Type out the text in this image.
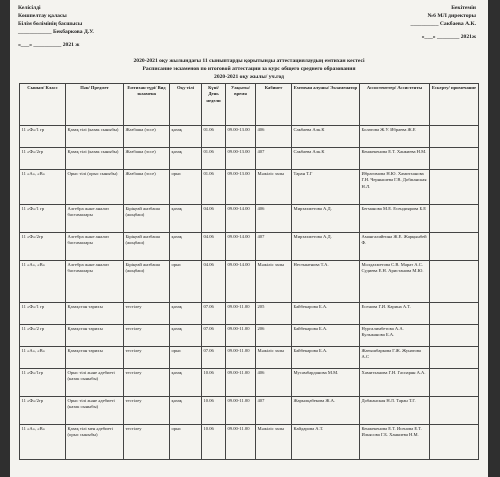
Келісілді
Көшпелтау қаласы
Білім бөлімінің басшысы
____________ Бекбаркова Д.У.
«___» __________ 2021 ж
Бекітемін
№6 МЛ директоры
__________ Сакбаева А.К.
«___» ________ 2021ж
2020-2021 оқу жылындағы 11 сыныптарды қорытынды аттестациялаудың емтихан кестесі
Расписание экзаменов по итоговой аттестации за курс общего среднего образования
2020-2021 оқу жылы/ уч.год
Сынып/ Класс	Пән/ Предмет	Емтихан түрі/ Вид экзамена	Оқу тілі	Күні/ День недели	Уақыты/ время	Кабинет	Емтихан алушы/ Экзаменатор	Ассистенттер/ Ассистенты	Ескерту/ примечание
11 «Ф»/1 гр	Қазақ тілі (казак сыныбы)	Жазбаша (эссе)	қазақ	01.06	09.00-13.00	406	Сакбаева Алк.К	Болатова Ж.У. Ибраева Ж.Е	
11 «Ф»/2гр	Қазақ тілі (казак сыныбы)	Жазбаша (эссе)	қазақ	01.06	09.00-13.00	407	Сакбаева Алк.К	Кенжекенова Е.Т. Ханкиева Н.М.	
11 «А», «В»	Орыс тілі (орыс сыныбы)	Жазбаша (эссе)	орыс	01.06	09.00-13.00	Мәжіліс залы	Таран Т.Г	Ибрагимова Н.Ю. Хамитханова Г.Н. Чернышева Г.В. Добжанская Н.Л.	
11 «Ф»/1 гр	Алгебра және анализ бастамалары	Біріңғай жазбаша (жоңбаш)	қазақ	04.06	09.00-14.00	406	Мирзахметова А.Д.	Бегманова М.Е. Есендиярова Б.Е	
11 «Ф»/2гр	Алгебра және анализ бастамалары	Біріңғай жазбаша (жоңбаш)	қазақ	04.06	09.00-14.00	407	Мирзахметова А.Д.	Амангалийғина Ж.Е. Жарқынбей Ф.	
11 «А», «В»	Алгебра және анализ бастамалары	Біріңғай жазбаша (жоңбаш)	орыс	04.06	09.00-14.00	Мәжіліс залы	Нестыненова Т.А.	Молдахметова С.В. Марат А.С. Судиева Е.Н. Аристанова М.Ю.	
11 «Ф»/1 гр	Қазақстан тарихы	тестілеу	қазақ	07.06	09.00-11.00	205	Байбекарова Б.А.	Есенова Г.И. Карина А.Т.	
11 «Ф»/2 гр	Қазақстан тарихы	тестілеу	қазақ	07.06	09.00-11.00	206	Байбекарова Б.А.	Нургалимбетова А.А. Кульжанова Б.А.	
11 «А», «В»	Қазақстан тарихы	тестілеу	орыс	07.06	09.00-11.00	Мәжіліс залы	Байбекарова Б.А.	Жағышбаркова Г.Ж. Жунатова А.С	
11 «Ф»/1гр	Орыс тілі және әдебиеті (казак сыныбы)	тестілеу	қазақ	10.06	09.00-11.00	406	Мусамбарданова М.М.	Хамитханова Г.Н. Гаспарян А.А.	
11 «Ф»/2гр	Орыс тілі және әдебиеті (казак сыныбы)	тестілеу	қазақ	10.06	09.00-11.00	407	Жарылқабекова Ж.А.	Добжанская Н.Л. Таран Т.Г.	
11 «А», «В»	Қазақ тілі мен әдебиеті (орыс сыныбы)	тестілеу	орыс	10.06	09.00-11.00	Мәжіліс залы	Кайдарова А.Т.	Кенжекенова Е.Т. Исенова Е.Т. Ильясова Г.Б. Ханкиева Н.М.	
